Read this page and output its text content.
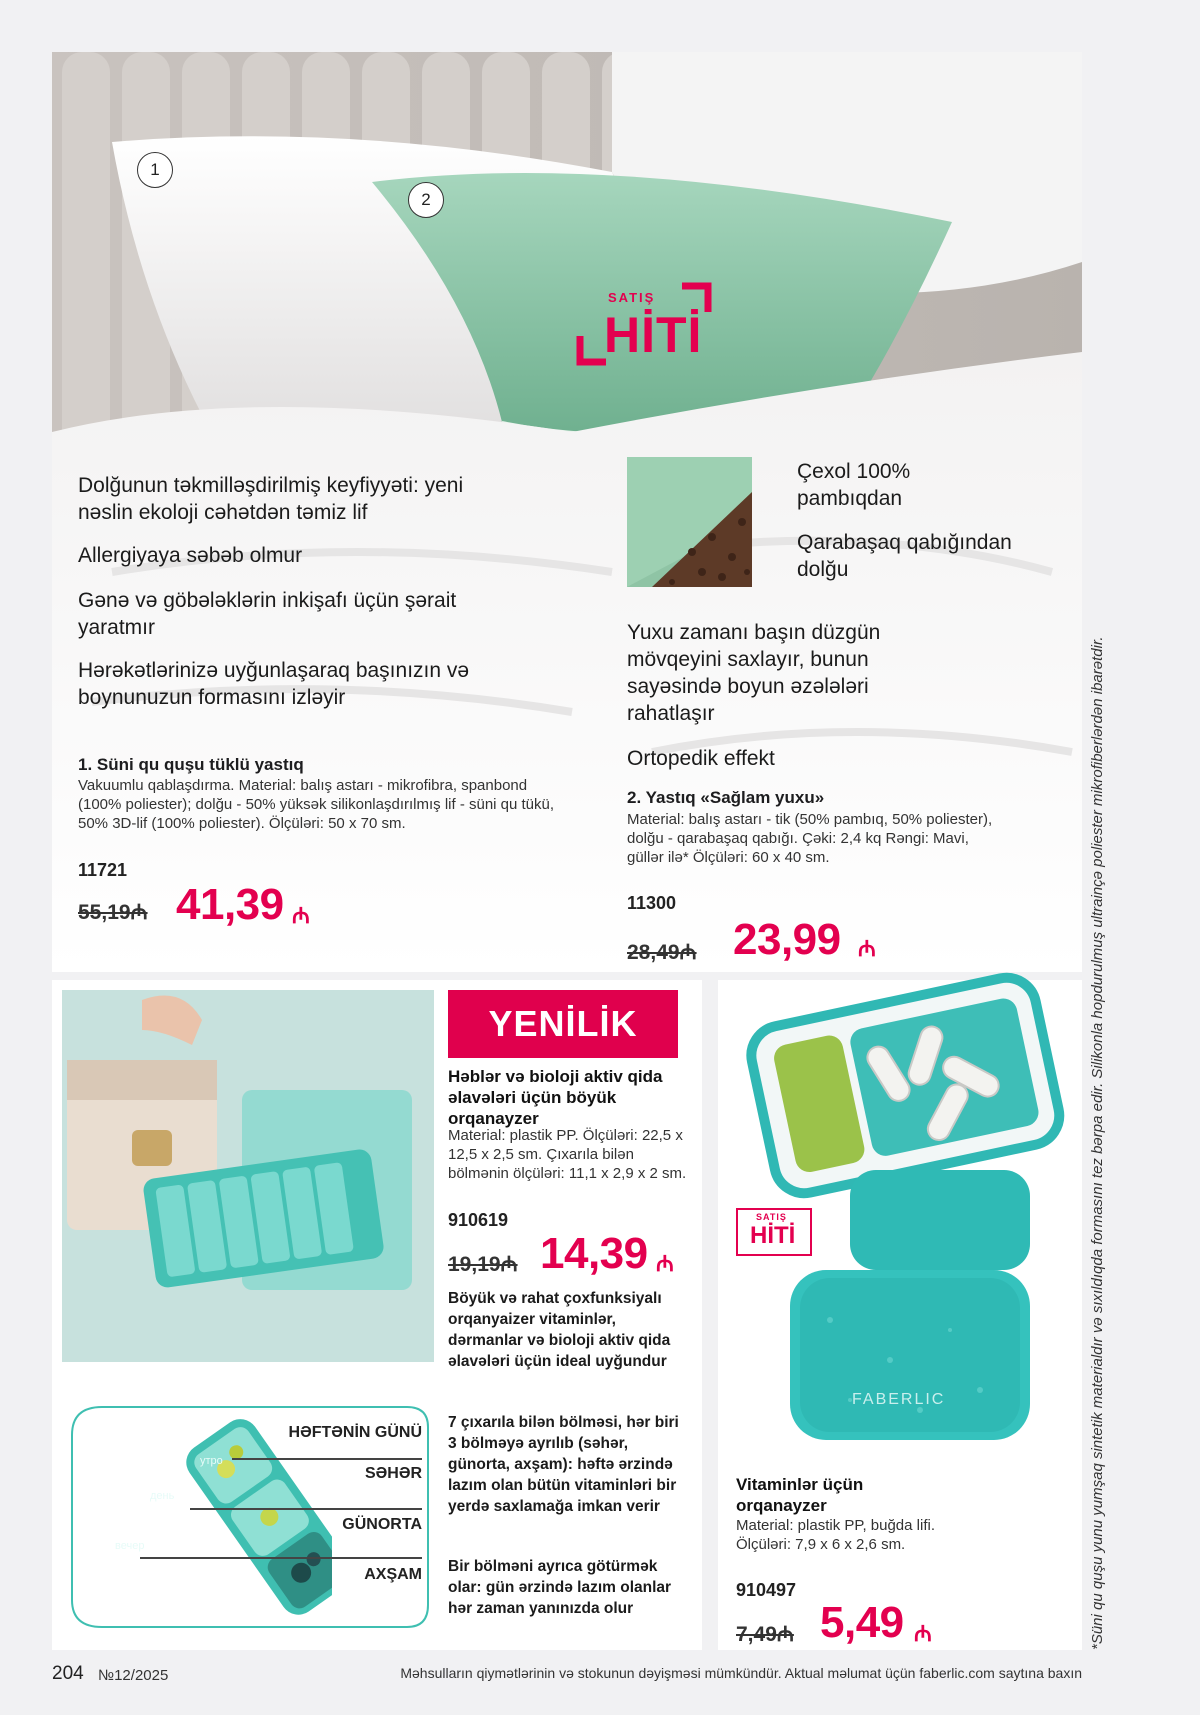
1
2
SATIŞ
HİTİ
Dolğunun təkmilləşdirilmiş keyfiyyəti: yeni nəslin ekoloji cəhətdən təmiz lif
Allergiyaya səbəb olmur
Gənə və göbələklərin inkişafı üçün şərait yaratmır
Hərəkətlərinizə uyğunlaşaraq başınızın və boynunuzun formasını izləyir
Çexol 100% pambıqdan
Qarabaşaq qabığından dolğu
Yuxu zamanı başın düzgün mövqeyini saxlayır, bunun sayəsində boyun əzələləri rahatlaşır
Ortopedik effekt
1. Süni qu quşu tüklü yastıq
Vakuumlu qablaşdırma. Material: balış astarı - mikrofibra, spanbond (100% poliester); dolğu - 50% yüksək silikonlaşdırılmış lif - süni qu tükü, 50% 3D-lif (100% poliester). Ölçüləri: 50 x 70 sm.
11721
55,19₼ 41,39 ₼
2. Yastıq «Sağlam yuxu»
Material: balış astarı - tik (50% pambıq, 50% poliester), dolğu - qarabaşaq qabığı. Çəki: 2,4 kq Rəngi: Mavi, güllər ilə* Ölçüləri: 60 x 40 sm.
11300
28,49₼ 23,99 ₼
BT
утро
день
вечер
HƏFTƏNİN GÜNÜ
SƏHƏR
GÜNORTA
AXŞAM
YENİLİK
Həblər və bioloji aktiv qida əlavələri üçün böyük orqanayzer
Material: plastik PP. Ölçüləri: 22,5 x 12,5 x 2,5 sm. Çıxarıla bilən bölmənin ölçüləri: 11,1 x 2,9 x 2 sm.
910619
19,19₼ 14,39 ₼
Böyük və rahat çoxfunksiyalı orqanyaizer vitaminlər, dərmanlar və bioloji aktiv qida əlavələri üçün ideal uyğundur
7 çıxarıla bilən bölməsi, hər biri 3 bölməyə ayrılıb (səhər, günorta, axşam): həftə ərzində lazım olan bütün vitaminləri bir yerdə saxlamağa imkan verir
Bir bölməni ayrıca götürmək olar: gün ərzində lazım olanlar hər zaman yanınızda olur
FABERLIC
SATIŞ
HİTİ
Vitaminlər üçün orqanayzer
Material: plastik PP, buğda lifi. Ölçüləri: 7,9 x 6 x 2,6 sm.
910497
7,49₼ 5,49 ₼	*Süni qu quşu yunu yumşaq sintetik materialdır və sıxıldıqda formasını tez bərpa edir. Silikonla hopdurulmuş ultrainçə poliester mikrofiberlərdən ibarətdir.
204 №12/2025	Məhsulların qiymətlərinin və stokunun dəyişməsi mümkündür. Aktual məlumat üçün faberlic.com saytına baxın
